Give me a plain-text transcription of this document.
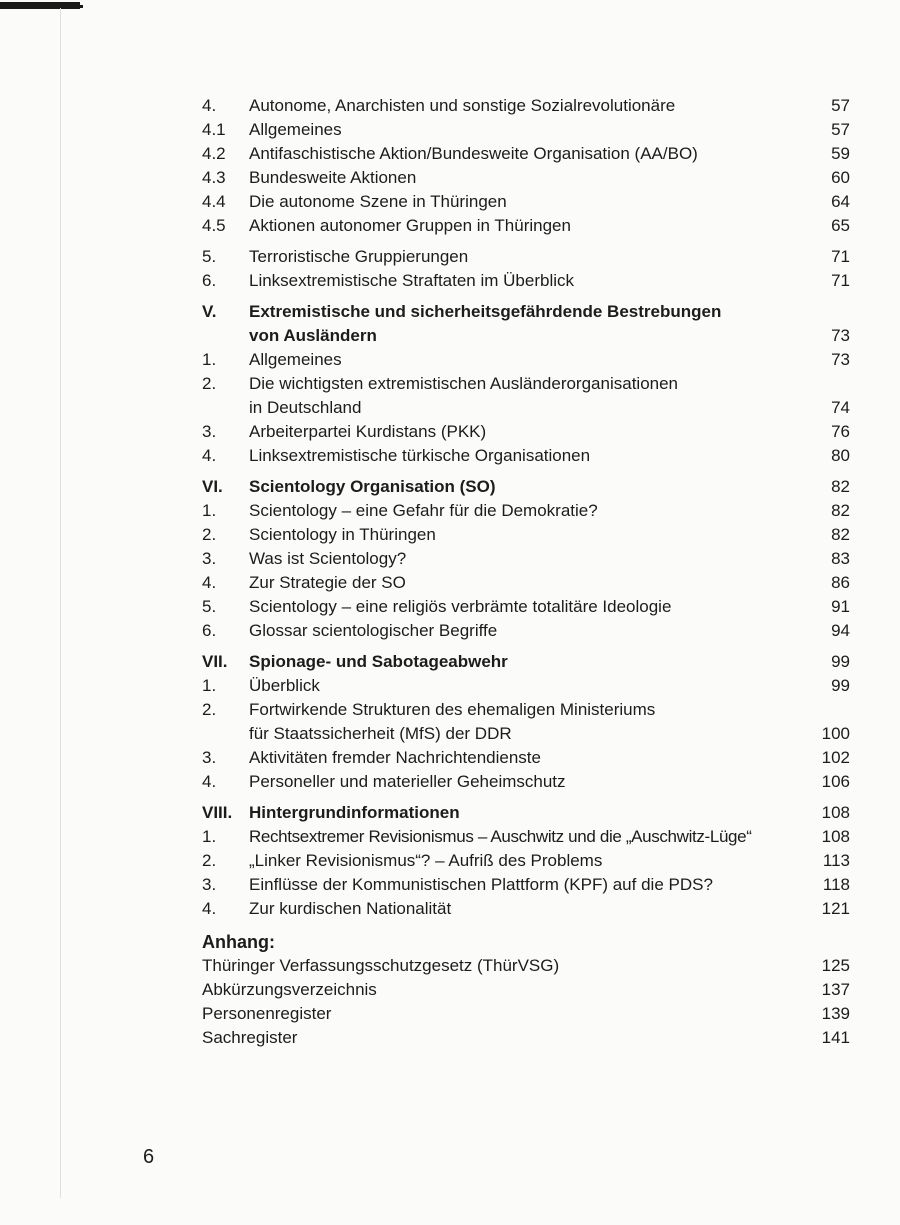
4.	Autonome, Anarchisten und sonstige Sozialrevolutionäre	57
4.1	Allgemeines	57
4.2	Antifaschistische Aktion/Bundesweite Organisation (AA/BO)	59
4.3	Bundesweite Aktionen	60
4.4	Die autonome Szene in Thüringen	64
4.5	Aktionen autonomer Gruppen in Thüringen	65
5.	Terroristische Gruppierungen	71
6.	Linksextremistische Straftaten im Überblick	71
V.	Extremistische und sicherheitsgefährdende Bestrebungen
von Ausländern	73
1.	Allgemeines	73
2.	Die wichtigsten extremistischen Ausländerorganisationen
in Deutschland	74
3.	Arbeiterpartei Kurdistans (PKK)	76
4.	Linksextremistische türkische Organisationen	80
VI.	Scientology Organisation (SO)	82
1.	Scientology – eine Gefahr für die Demokratie?	82
2.	Scientology in Thüringen	82
3.	Was ist Scientology?	83
4.	Zur Strategie der SO	86
5.	Scientology – eine religiös verbrämte totalitäre Ideologie	91
6.	Glossar scientologischer Begriffe	94
VII.	Spionage- und Sabotageabwehr	99
1.	Überblick	99
2.	Fortwirkende Strukturen des ehemaligen Ministeriums
für Staatssicherheit (MfS) der DDR	100
3.	Aktivitäten fremder Nachrichtendienste	102
4.	Personeller und materieller Geheimschutz	106
VIII. Hintergrundinformationen	108
1.	Rechtsextremer Revisionismus – Auschwitz und die „Auschwitz-Lüge“	108
2.	„Linker Revisionismus“? – Aufriß des Problems	113
3.	Einflüsse der Kommunistischen Plattform (KPF) auf die PDS?	118
4.	Zur kurdischen Nationalität	121
Anhang:
Thüringer Verfassungsschutzgesetz (ThürVSG)	125
Abkürzungsverzeichnis	137
Personenregister	139
Sachregister	141
6
